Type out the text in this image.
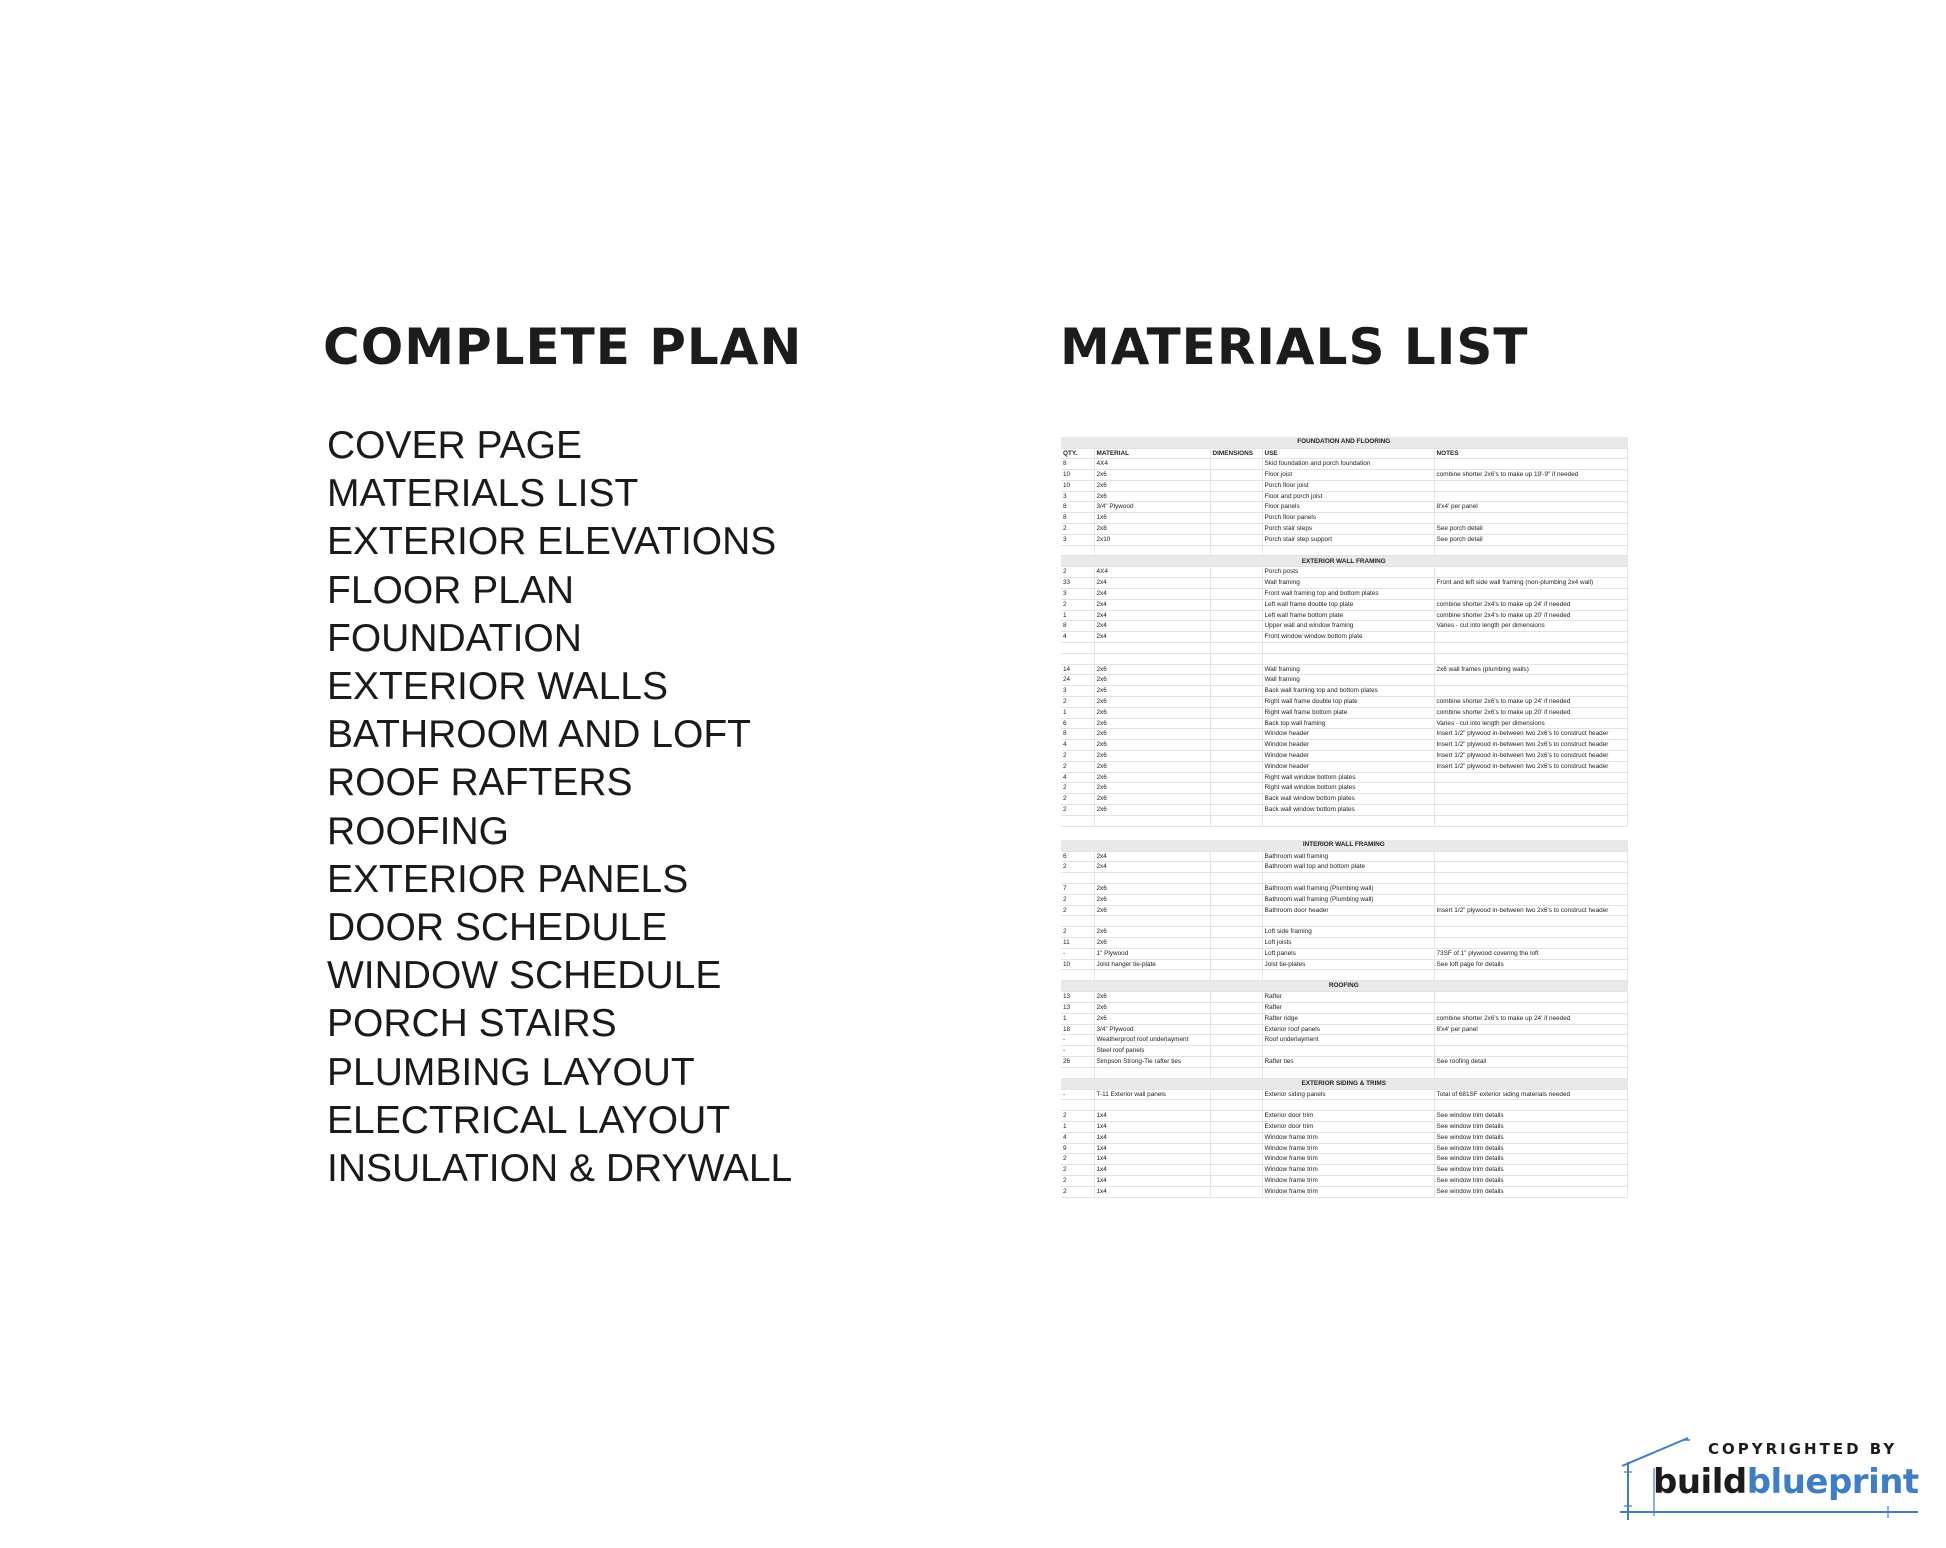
COMPLETE PLAN	MATERIALS LIST
COVER PAGE
MATERIALS LIST
EXTERIOR ELEVATIONS
FLOOR PLAN
FOUNDATION
EXTERIOR WALLS
BATHROOM AND LOFT
ROOF RAFTERS
ROOFING
EXTERIOR PANELS
DOOR SCHEDULE
WINDOW SCHEDULE
PORCH STAIRS
PLUMBING LAYOUT
ELECTRICAL LAYOUT
INSULATION & DRYWALL
FOUNDATION AND FLOORING				
QTY.	MATERIAL	DIMENSIONS	USE	NOTES
8	4X4		Skid foundation and porch foundation	
10	2x6		Floor joist	combine shorter 2x6's to make up 19'-9" if needed
10	2x6		Porch floor joist	
3	2x6		Floor and porch joist	
8	3/4" Plywood		Floor panels	8'x4' per panel
8	1x6		Porch floor panels	
2	2x8		Porch stair steps	See porch detail
3	2x10		Porch stair step support	See porch detail

EXTERIOR WALL FRAMING				
2	4X4		Porch posts	
33	2x4		Wall framing	Front and left side wall framing (non-plumbing 2x4 wall)
3	2x4		Front wall framing top and bottom plates	
2	2x4		Left wall frame double top plate	combine shorter 2x4's to make up 24' if needed
1	2x4		Left wall frame bottom plate	combine shorter 2x4's to make up 20' if needed
8	2x4		Upper wall and window framing	Varies - cut into length per dimensions
4	2x4		Front window window bottom plate	

14	2x6		Wall framing	2x6 wall frames (plumbing walls)
24	2x6		Wall framing	
3	2x6		Back wall framing top and bottom plates	
2	2x6		Right wall frame double top plate	combine shorter 2x6's to make up 24' if needed
1	2x6		Right wall frame bottom plate	combine shorter 2x6's to make up 20' if needed
6	2x6		Back top wall framing	Varies - cut into length per dimensions
8	2x6		Window header	Insert 1/2" plywood in-between two 2x6's to construct header
4	2x6		Window header	Insert 1/2" plywood in-between two 2x6's to construct header
2	2x6		Window header	Insert 1/2" plywood in-between two 2x6's to construct header
2	2x6		Window header	Insert 1/2" plywood in-between two 2x6's to construct header
4	2x6		Right wall window bottom plates	
2	2x6		Right wall window bottom plates	
2	2x6		Back wall window bottom plates	
2	2x6		Back wall window bottom plates	

INTERIOR WALL FRAMING				
6	2x4		Bathroom wall framing	
2	2x4		Bathroom wall top and bottom plate	

7	2x6		Bathroom wall framing (Plumbing wall)	
2	2x6		Bathroom wall framing (Plumbing wall)	
2	2x6		Bathroom door header	Insert 1/2" plywood in-between two 2x6's to construct header

2	2x6		Loft side framing	
11	2x6		Loft joists	
-	1" Plywood		Loft panels	73SF of 1" plywood covering the loft
10	Joist hanger tie-plate		Joist tie-plates	See loft page for details

ROOFING				
13	2x6		Rafter	
13	2x6		Rafter	
1	2x6		Rafter ridge	combine shorter 2x6's to make up 24' if needed
18	3/4" Plywood		Exterior roof panels	8'x4' per panel
-	Weatherproof roof underlayment		Roof underlayment	
-	Steel roof panels			
26	Simpson Strong-Tie rafter ties		Rafter ties	See roofing detail

EXTERIOR SIDING & TRIMS				
-	T-11 Exterior wall panels		Exterior siding panels	Total of 681SF exterior siding materials needed

2	1x4		Exterior door trim	See window trim details
1	1x4		Exterior door trim	See window trim details
4	1x4		Window frame trim	See window trim details
9	1x4		Window frame trim	See window trim details
2	1x4		Window frame trim	See window trim details
2	1x4		Window frame trim	See window trim details
2	1x4		Window frame trim	See window trim details
2	1x4		Window frame trim	See window trim details
COPYRIGHTED BY
buildblueprint
